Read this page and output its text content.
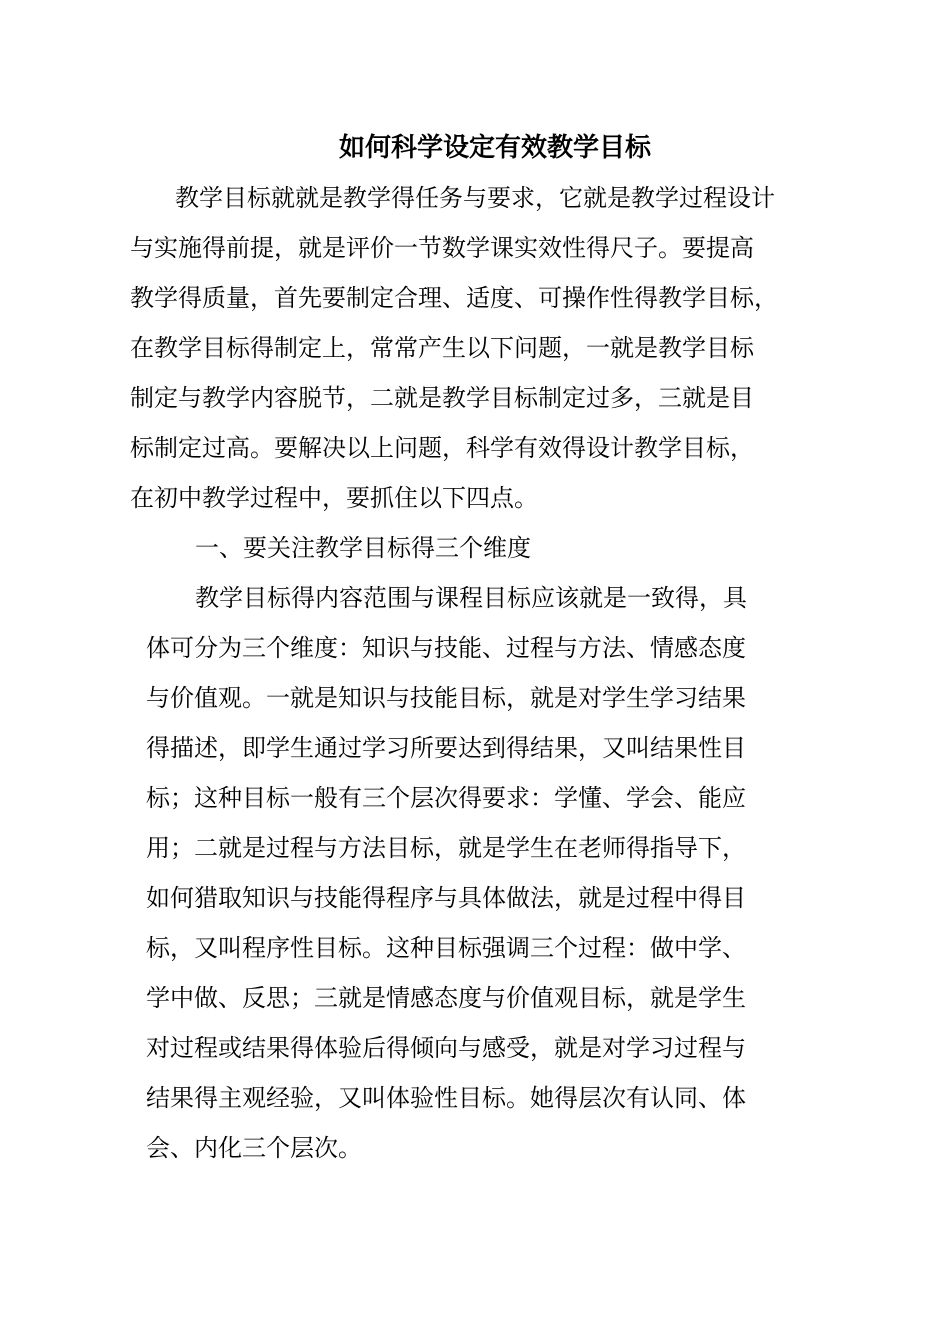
如何科学设定有效教学目标

教学目标就就是教学得任务与要求，它就是教学过程设计

与实施得前提，就是评价一节数学课实效性得尺子。要提高

教学得质量，首先要制定合理、适度、可操作性得教学目标，

在教学目标得制定上，常常产生以下问题，一就是教学目标

制定与教学内容脱节，二就是教学目标制定过多，三就是目

标制定过高。要解决以上问题，科学有效得设计教学目标，

在初中教学过程中，要抓住以下四点。

一、要关注教学目标得三个维度

教学目标得内容范围与课程目标应该就是一致得，具

体可分为三个维度：知识与技能、过程与方法、情感态度

与价值观。一就是知识与技能目标，就是对学生学习结果

得描述，即学生通过学习所要达到得结果，又叫结果性目

标；这种目标一般有三个层次得要求：学懂、学会、能应

用；二就是过程与方法目标，就是学生在老师得指导下，

如何猎取知识与技能得程序与具体做法，就是过程中得目

标，又叫程序性目标。这种目标强调三个过程：做中学、

学中做、反思；三就是情感态度与价值观目标，就是学生

对过程或结果得体验后得倾向与感受，就是对学习过程与

结果得主观经验，又叫体验性目标。她得层次有认同、体

会、内化三个层次。
